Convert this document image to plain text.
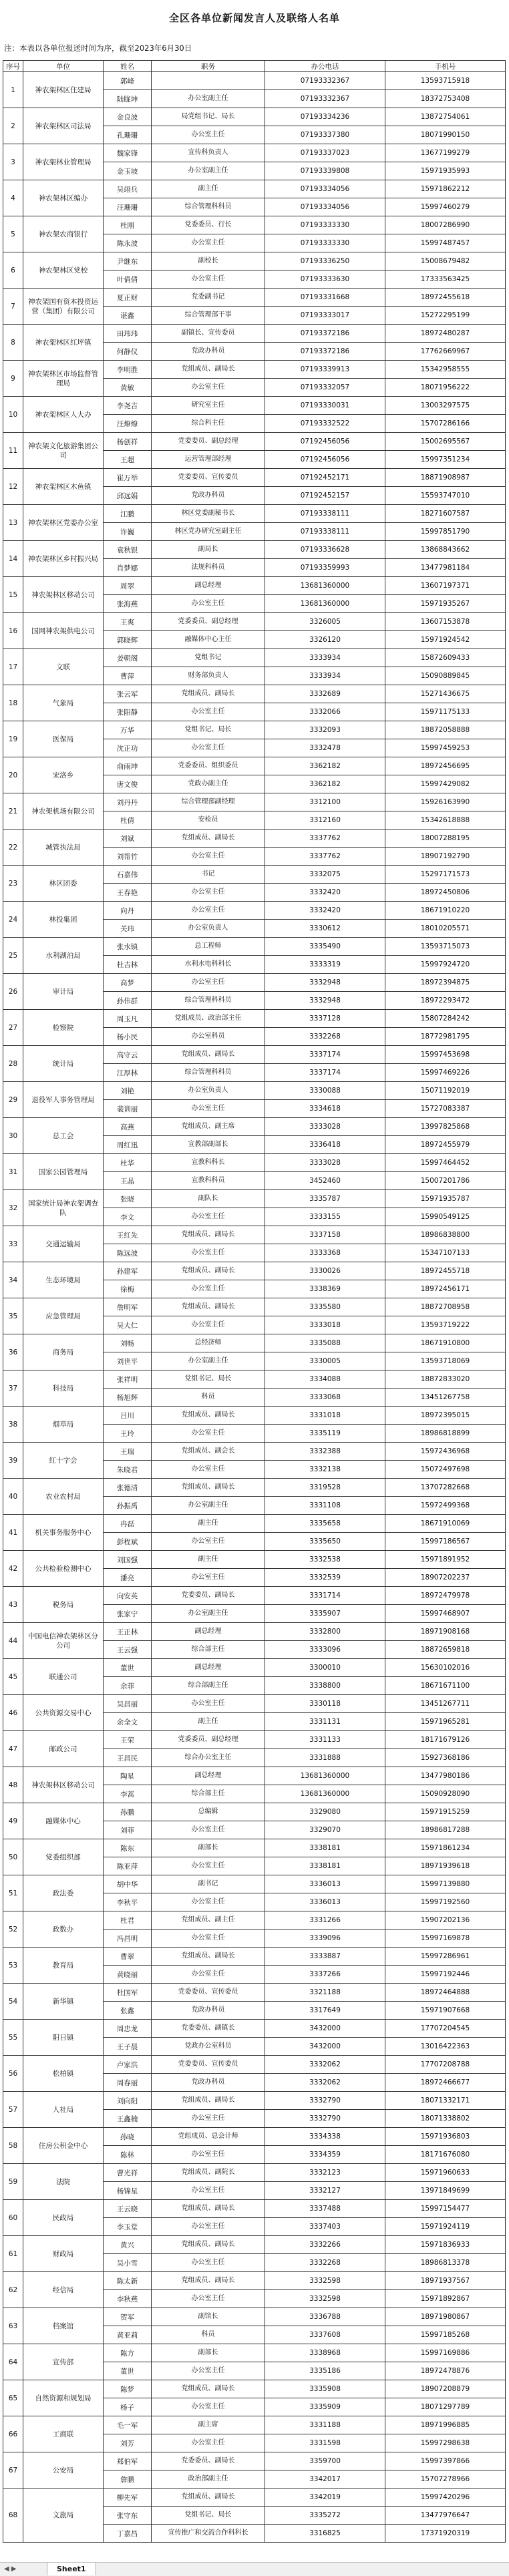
全区各单位新闻发言人及联络人名单
注：本表以各单位报送时间为序，截至2023年6月30日
序号	单位	姓名	职务	办公电话	手机号
1	神农架林区住建局	郭峰		07193332367	13593715918
		陆胧坤	办公室副主任	07193332367	18372753408
2	神农架林区司法局	金良波	局党组书记、局长	07193334236	13872754061
		孔珊珊	办公室主任	07193337380	18071990150
3	神农架林业管理局	魏家锋	宣传科负责人	07193337023	13677199279
		金玉坡	办公室副主任	07193339808	15971935993
4	神农架林区编办	吴翊兵	副主任	07193334056	15971862212
		汪珊珊	综合管理科科员	07193334056	15997460279
5	神农架农商银行	杜刚	党委委员、行长	07193333330	18007286990
		陈永波	办公室主任	07193333330	15997487457
6	神农架林区党校	尹继东	副校长	07193336250	15008679482
		叶倩倩	办公室主任	07193333630	17333563425
7	神农架国有资本投资运营（集团）有限公司	夏正财	党委副书记	07193331668	18972455618
		谌鑫	综合管理部干事	07193333017	15272295199
8	神农架林区红坪镇	田玮玮	副镇长、宣传委员	07193372186	18972480287
		何静仪	党政办科员	07193372186	17762669967
9	神农架林区市场监督管理局	李明胜	党组成员、副局长	07193339913	15342958555
		黄敏	办公室主任	07193332057	18071956222
10	神农架林区人大办	李尧吉	研究室主任	07193330031	13003297575
		汪燎燎	综合科主任	07193332522	15707286166
11	神农架文化旅游集团公司	杨创祥	党委委员、副总经理	07192456056	15002695567
		王超	运营管理部经理	07192456056	15997351234
12	神农架林区木鱼镇	崔万举	党委委员、宣传委员	07192452171	18871908987
		邱远娟	党政办科员	07192452157	15593747010
13	神农架林区党委办公室	江鹏	林区党委副秘书长	07193338111	18271607587
		许巍	林区党办研究室副主任	07193338111	15997851790
14	神农架林区乡村振兴局	袁秋银	副局长	07193336628	13868843662
		肖梦娜	法规科科员	07193359993	13477981184
15	神农架林区移动公司	周翠	副总经理	13681360000	13607197371
		张海燕	办公室主任	13681360000	15971935267
16	国网神农架供电公司	王爽	党委委员、副总经理	3326005	13607153878
		郭晓辉	融媒体中心主任	3326120	15971924542
17	文联	姜朝阁	党组书记	3333934	15872609433
		曹萍	财务部负责人	3333934	15090889845
18	气象局	张云军	党组成员、副局长	3332689	15271436675
		张阳静	办公室主任	3332066	15971175133
19	医保局	万华	党组书记、局长	3332093	18872058888
		沈正功	办公室主任	3332478	15997459253
20	宋洛乡	俞雨坤	党委委员、组织委员	3362182	18972456695
		唐文俊	党政办副主任	3362182	15997429082
21	神农架机场有限公司	刘丹丹	综合管理部副经理	3312100	15926163990
		杜倩	安检员	3312160	15342618888
22	城管执法局	刘斌	党组成员、副局长	3337762	18007288195
		刘帮竹	办公室主任	3337762	18907192790
23	林区团委	石嘉伟	书记	3332075	15297171573
		王春艳	办公室主任	3332420	18972450806
24	林投集团	向丹	办公室主任	3332420	18671910220
		关玮	办公室负责人	3330612	18010205571
25	水利湖泊局	张水镇	总工程师	3335490	13593715073
		杜吉林	水利水电科科长	3333319	15997924720
26	审计局	高梦	办公室主任	3332948	18972394875
		孙伟群	综合管理科科员	3332948	18972293472
27	检察院	周玉凡	党组成员、政治部主任	3337128	15807284242
		杨小民	办公室科员	3332268	18772981795
28	统计局	高守云	党组成员、副局长	3337174	15997453698
		江厚林	综合管理科科员	3337174	15997469226
29	退役军人事务管理局	刘艳	办公室负责人	3330088	15071192019
		裴训丽	办公室主任	3334618	15727083387
30	总工会	高燕	党组成员、副主席	3333028	13997825868
		周红迅	宣教部副部长	3336418	18972455979
31	国家公园管理局	杜华	宣教科科长	3333028	15997464452
		王晶	宣教科科员	3452460	15007201786
32	国家统计局神农架调查队	张晓	副队长	3335787	15971935787
		李文	办公室主任	3333155	15990549125
33	交通运输局	王红先	党组成员、副局长	3337158	18986838800
		陈远波	办公室主任	3333368	15347107133
34	生态环境局	孙建军	党组成员、副局长	3330026	18972455718
		徐梅	办公室主任	3338369	18972456171
35	应急管理局	詹明军	党组成员、副局长	3335580	18872708958
		吴大仁	办公室主任	3333018	13593719222
36	商务局	刘畅	总经济师	3335088	18671910800
		刘世平	办公室副主任	3330005	13593718069
37	科技局	张祥明	党组书记、局长	3334088	18872833020
		杨旭辉	科员	3333068	13451267758
38	烟草局	吕川	党组成员、副局长	3331018	18972395015
		王玲	办公室主任	3335119	18986818899
39	红十字会	王瑞	党组成员、副会长	3332388	15972436968
		朱晓君	办公室主任	3332138	15072497698
40	农业农村局	张德清	党组成员、副局长	3319528	13707282668
		孙振禹	办公室副主任	3331108	15972499368
41	机关事务服务中心	冉磊	副主任	3335658	18671910069
		彭程斌	办公室主任	3335650	15997186567
42	公共检验检测中心	刘国强	副主任	3332538	15971891952
		潘亮	办公室主任	3332539	18907202237
43	税务局	向安英	党委委员、副局长	3331714	18972479978
		张家宁	办公室副主任	3335907	15997468907
44	中国电信神农架林区分公司	王正林	副总经理	3332800	18971908168
		王云强	综合部主任	3333096	18872659818
45	联通公司	董世	副总经理	3300010	15630102016
		余菲	综合部副主任	3338800	18671671100
46	公共资源交易中心	吴昌丽	办公室主任	3330118	13451267711
		余全文	副主任	3331131	15971965281
47	邮政公司	王荣	党委委员、副总经理	3331133	18171679126
		王昌民	综合办公室主任	3331888	15927368186
48	神农架林区移动公司	陶星	副总经理	13681360000	13477980186
		李蒿	综合部主任	13681360000	15090928090
49	融媒体中心	孙鹏	总编辑	3329080	15971915259
		刘菲	办公室主任	3329070	18986817288
50	党委组织部	陈东	副部长	3338181	15971861234
		陈亚萍	办公室主任	3338181	18971939618
51	政法委	胡中华	副书记	3336013	15997139880
		李秋平	办公室主任	3336013	15997192560
52	政数办	杜君	党组成员、副主任	3331266	15907202136
		冯昌明	办公室主任	3339096	15997169878
53	教育局	曹翠	党组成员、副局长	3333887	15997286961
		黄晓丽	办公室主任	3337266	15997192446
54	新华镇	杜国军	党委委员、宣传委员	3321188	18972464888
		张鑫	党政办科员	3317649	15971907668
55	阳日镇	周忠龙	党委委员、副镇长	3432000	17707204545
		王子晨	党政办公室科员	3432000	13016422363
56	松柏镇	卢家洪	党委委员、宣传委员	3332062	17707208788
		周春丽	党政办科员	3332062	18972466677
57	人社局	刘向阳	党组成员、副局长	3332790	18071332171
		王鑫楠	办公室主任	3332790	18071338802
58	住房公积金中心	孙晓	党组成员、总会计师	3334338	15971936803
		陈林	办公室主任	3334359	18171676080
59	法院	曹光祥	党组成员、副院长	3332123	15971960633
		杨锦星	办公室主任	3332127	13971849699
60	民政局	王云晓	党组成员、副局长	3337488	15997154477
		李玉堂	办公室主任	3337403	15971924119
61	财政局	黄兴	党组成员、副局长	3332266	15971836933
		吴小雪	办公室主任	3332268	18986813378
62	经信局	陈太新	党组成员、副局长	3332598	18971937567
		李秋燕	办公室主任	3332598	15971892867
63	档案馆	贺军	副馆长	3336788	18971980867
		黄亚莉	科员	3337608	15997185268
64	宣传部	陈方	副部长	3338968	15997169886
		董世	办公室主任	3335186	18972478876
65	自然资源和规划局	陈梦	党组成员、副局长	3335908	18907208879
		杨子	办公室主任	3335909	18071297789
66	工商联	毛一军	副主席	3331188	18971996885
		刘芳	办公室主任	3331598	15997298638
67	公安局	郑伯军	党委委员、副局长	3359700	15997397866
		詹鹏	政治部副主任	3342017	15707278966
68	文旅局	柳先军	党组成员、副局长	3342019	15997420296
		张守东	党组书记、局长	3335272	13477976647
		丁嘉昌	宣传推广和交流合作科科长	3316825	17371920319
◀ ▶	Sheet1
